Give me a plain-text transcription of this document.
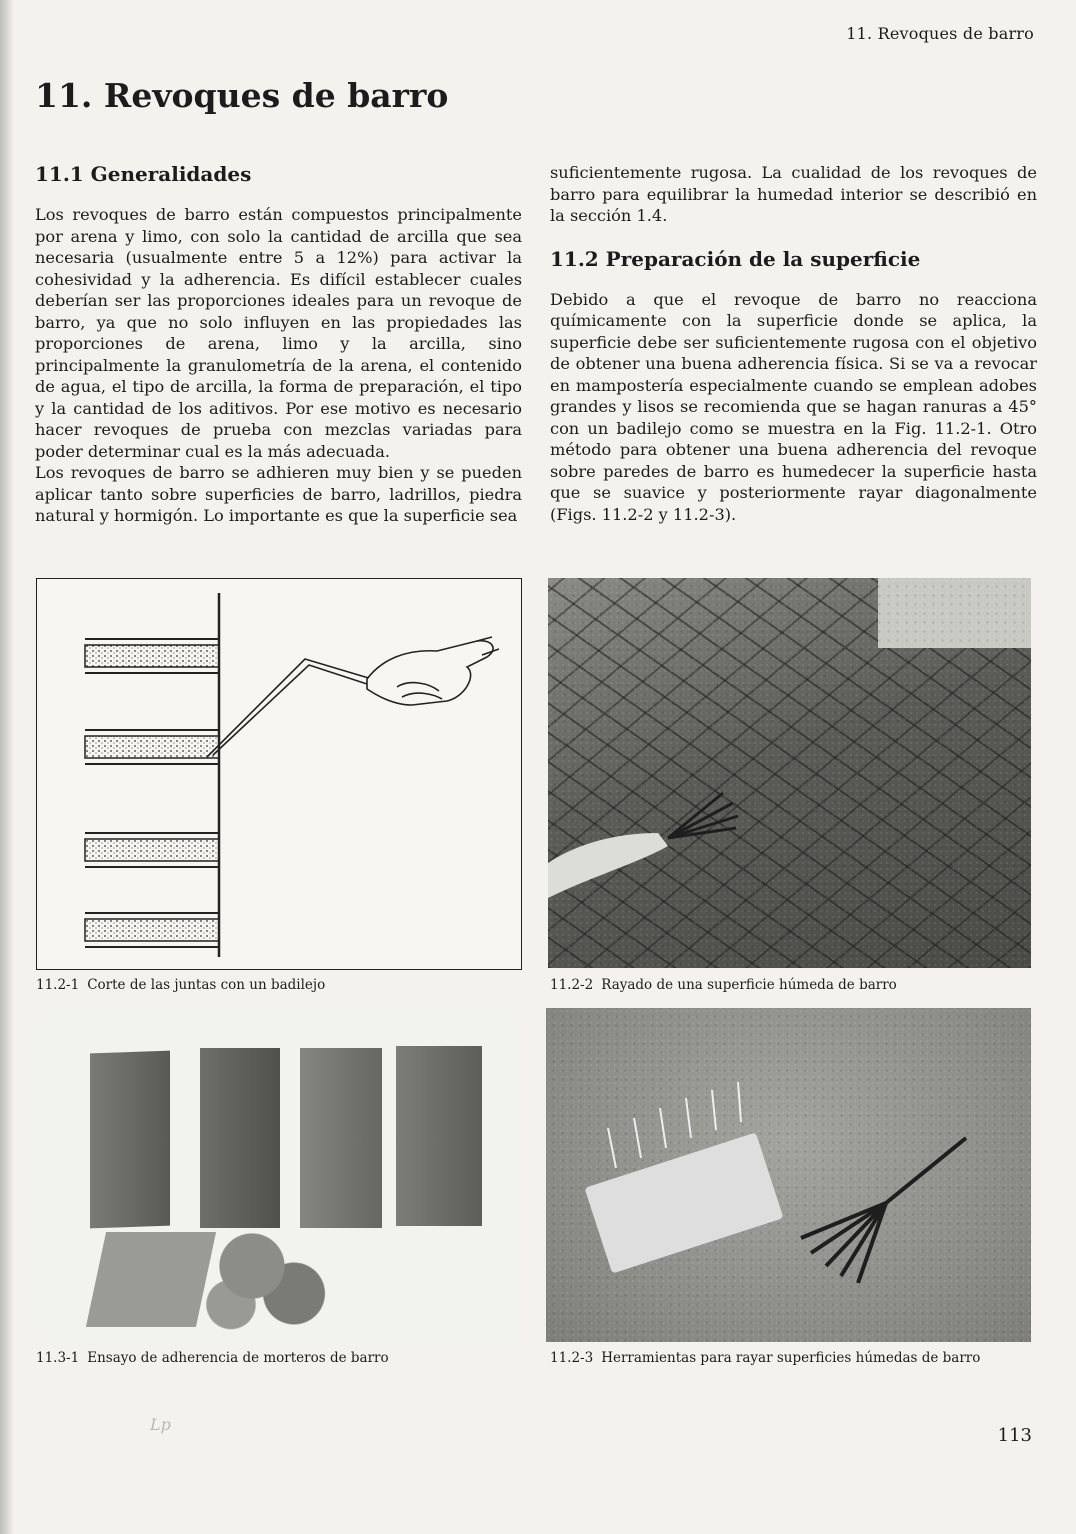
11. Revoques de barro
11. Revoques de barro
11.1 Generalidades

Los revoques de barro están compuestos principalmente por arena y limo, con solo la cantidad de arcilla que sea necesaria (usualmente entre 5 a 12%) para activar la cohesividad y la adherencia. Es difícil establecer cuales deberían ser las proporciones ideales para un revoque de barro, ya que no solo influyen en las propiedades las proporciones de arena, limo y la arcilla, sino principalmente la granulometría de la arena, el contenido de agua, el tipo de arcilla, la forma de preparación, el tipo y la cantidad de los aditivos. Por ese motivo es necesario hacer revoques de prueba con mezclas variadas para poder determinar cual es la más adecuada.

Los revoques de barro se adhieren muy bien y se pueden aplicar tanto sobre superficies de barro, ladrillos, piedra natural y hormigón. Lo importante es que la superficie sea

suficientemente rugosa. La cualidad de los revoques de barro para equilibrar la humedad interior se describió en la sección 1.4.

11.2 Preparación de la superficie

Debido a que el revoque de barro no reacciona químicamente con la superficie donde se aplica, la superficie debe ser suficientemente rugosa con el objetivo de obtener una buena adherencia física. Si se va a revocar en mampostería especialmente cuando se emplean adobes grandes y lisos se recomienda que se hagan ranuras a 45° con un badilejo como se muestra en la Fig. 11.2-1. Otro método para obtener una buena adherencia del revoque sobre paredes de barro es humedecer la superficie hasta que se suavice y posteriormente rayar diagonalmente (Figs. 11.2-2 y 11.2-3).

11.2-1 Corte de las juntas con un badilejo	11.2-2 Rayado de una superficie húmeda de barro
11.3-1 Ensayo de adherencia de morteros de barro	11.2-3 Herramientas para rayar superficies húmedas de barro
Lp
113
